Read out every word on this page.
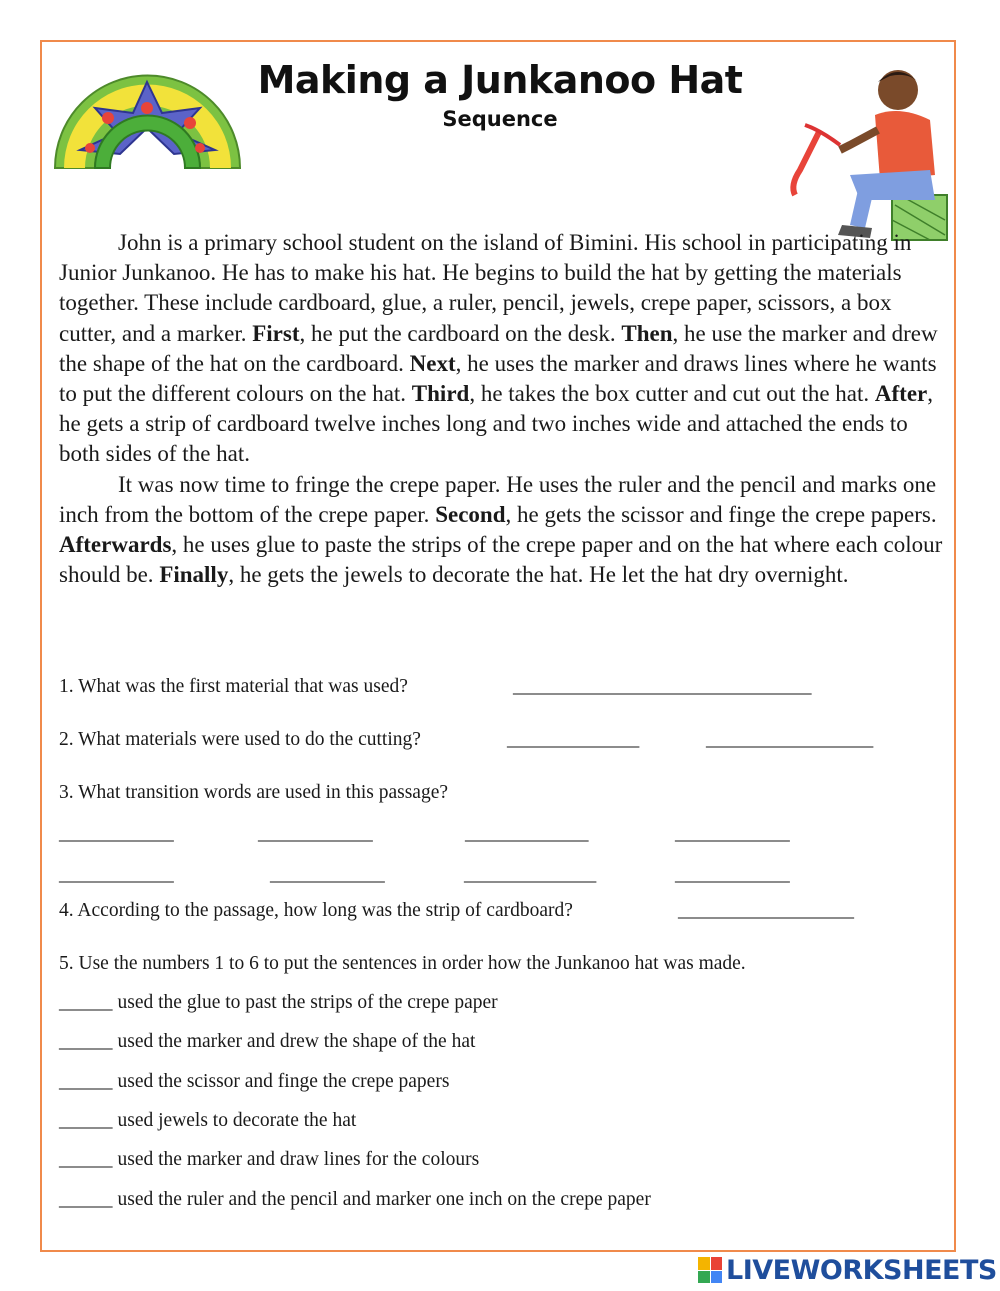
Making a Junkanoo Hat
Sequence

John is a primary school student on the island of Bimini. His school in participating in Junior Junkanoo. He has to make his hat. He begins to build the hat by getting the materials together. These include cardboard, glue, a ruler, pencil, jewels, crepe paper, scissors, a box cutter, and a marker. First, he put the cardboard on the desk. Then, he use the marker and drew the shape of the hat on the cardboard. Next, he uses the marker and draws lines where he wants to put the different colours on the hat. Third, he takes the box cutter and cut out the hat. After, he gets a strip of cardboard twelve inches long and two inches wide and attached the ends to both sides of the hat.

It was now time to fringe the crepe paper. He uses the ruler and the pencil and marks one inch from the bottom of the crepe paper. Second, he gets the scissor and finge the crepe papers. Afterwards, he uses glue to paste the strips of the crepe paper and on the hat where each colour should be. Finally, he gets the jewels to decorate the hat. He let the hat dry overnight.

1. What was the first material that was used?	__________________________________
2. What materials were used to do the cutting?	_______________	___________________
3. What transition words are used in this passage?
_____________	_____________	______________	_____________
_____________	_____________	_______________	_____________
4. According to the passage, how long was the strip of cardboard?	____________________
5. Use the numbers 1 to 6 to put the sentences in order how the Junkanoo hat was made.
______ used the glue to past the strips of the crepe paper
______ used the marker and drew the shape of the hat
______ used the scissor and finge the crepe papers
______ used jewels to decorate the hat
______ used the marker and draw lines for the colours
______ used the ruler and the pencil and marker one inch on the crepe paper
LIVEWORKSHEETS
